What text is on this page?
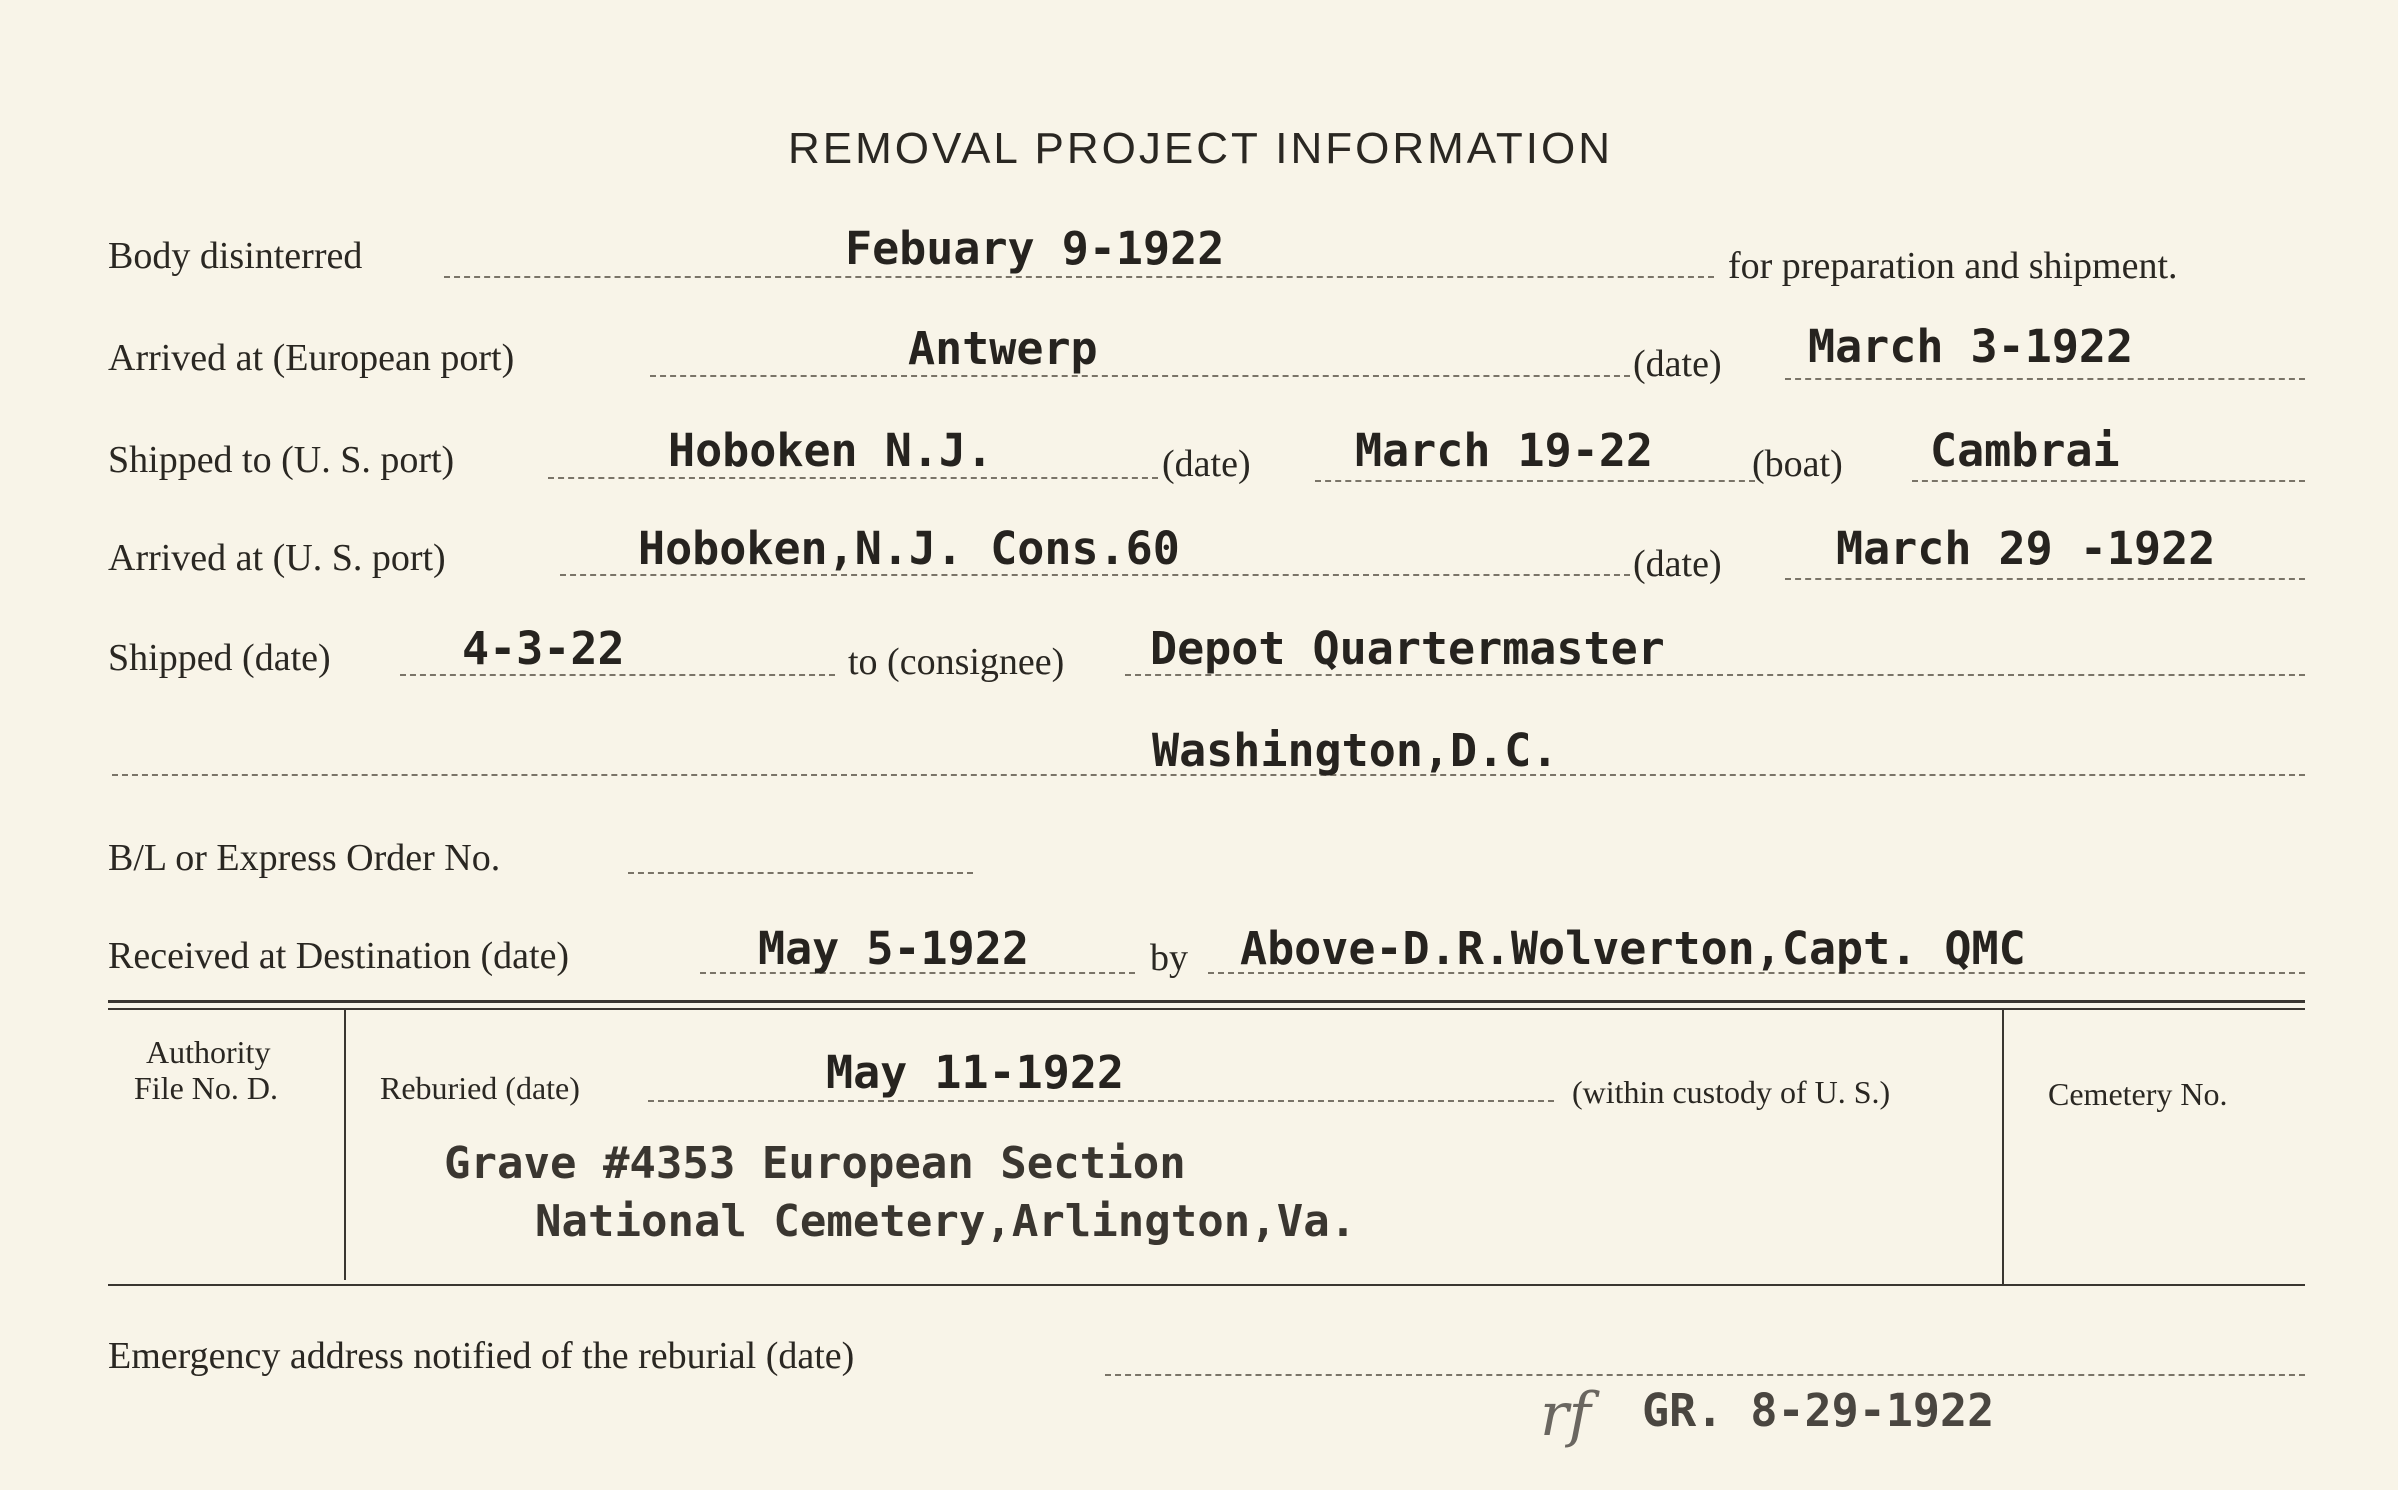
REMOVAL PROJECT INFORMATION
Body disinterred	Febuary 9-1922	for preparation and shipment.
Arrived at (European port)	Antwerp	(date) March 3-1922
Shipped to (U. S. port)	Hoboken N.J.	(date) March 19-22	(boat) Cambrai
Arrived at (U. S. port)	Hoboken,N.J. Cons.60	(date)	March 29 -1922
Shipped (date)	4-3-22	to (consignee) Depot Quartermaster
Washington,D.C.
B/L or Express Order No.
Received at Destination (date)	May 5-1922	by Above-D.R.Wolverton,Capt. QMC
Authority
File No. D.	Reburied (date)	May 11-1922	(within custody of U. S.)	Cemetery No.
Grave #4353 European Section
National Cemetery,Arlington,Va.
Emergency address notified of the reburial (date)
rf GR. 8-29-1922
